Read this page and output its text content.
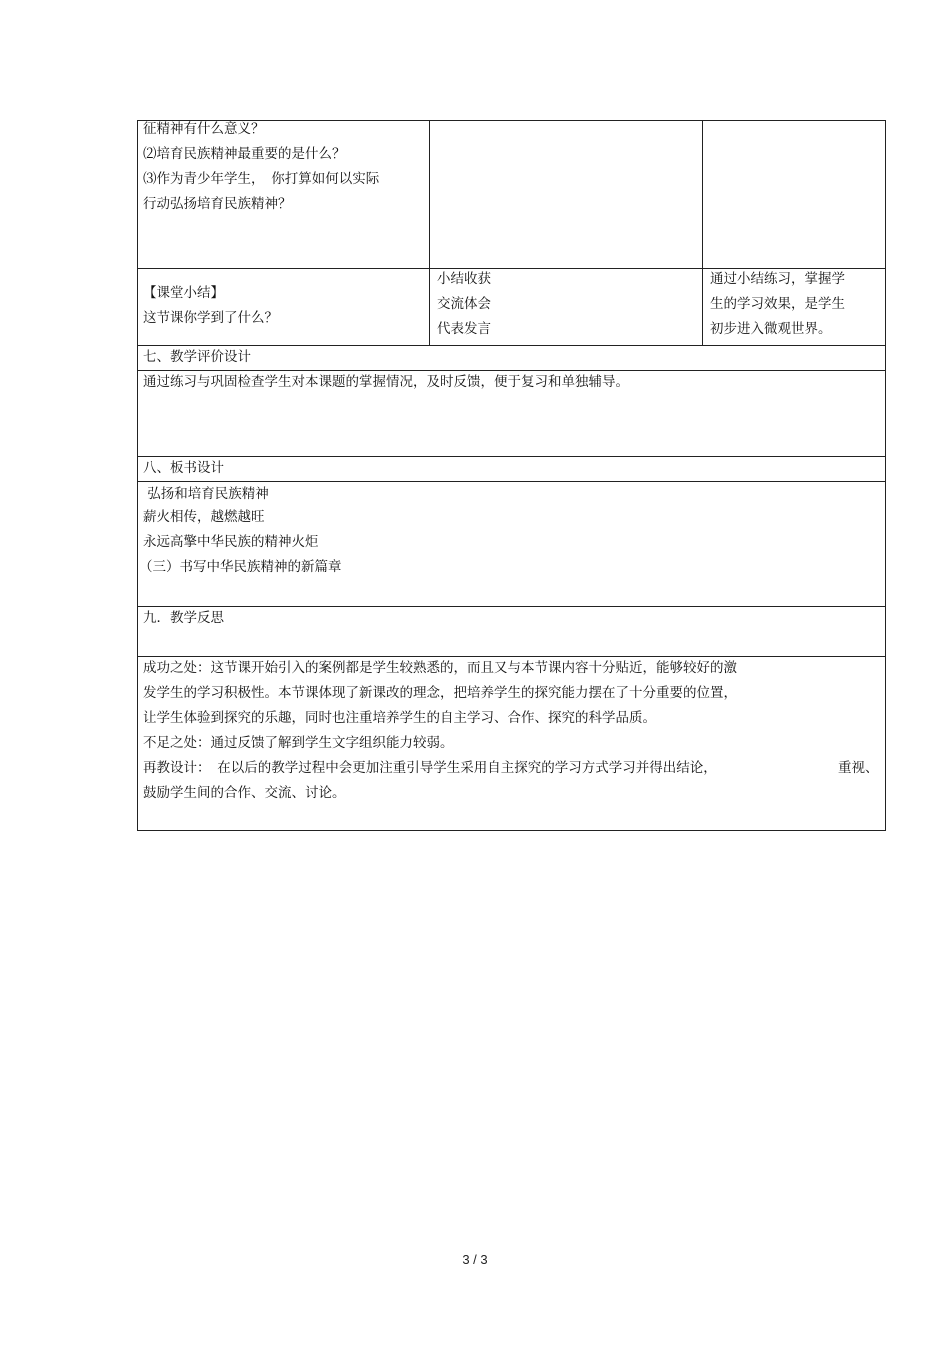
征精神有什么意义？
⑵培育民族精神最重要的是什么？
⑶作为青少年学生，　你打算如何以实际
行动弘扬培育民族精神？
【课堂小结】
这节课你学到了什么？
小结收获
交流体会
代表发言
通过小结练习，掌握学
生的学习效果，是学生
初步进入微观世界。
七、教学评价设计
通过练习与巩固检查学生对本课题的掌握情况，及时反馈，便于复习和单独辅导。
八、板书设计
弘扬和培育民族精神
薪火相传，越燃越旺
永远高擎中华民族的精神火炬
（三）书写中华民族精神的新篇章
九．教学反思
成功之处：这节课开始引入的案例都是学生较熟悉的，而且又与本节课内容十分贴近，能够较好的激
发学生的学习积极性。本节课体现了新课改的理念，把培养学生的探究能力摆在了十分重要的位置，
让学生体验到探究的乐趣，同时也注重培养学生的自主学习、合作、探究的科学品质。
不足之处：通过反馈了解到学生文字组织能力较弱。
再教设计：　在以后的教学过程中会更加注重引导学生采用自主探究的学习方式学习并得出结论，	重视、
鼓励学生间的合作、交流、讨论。
3 / 3
